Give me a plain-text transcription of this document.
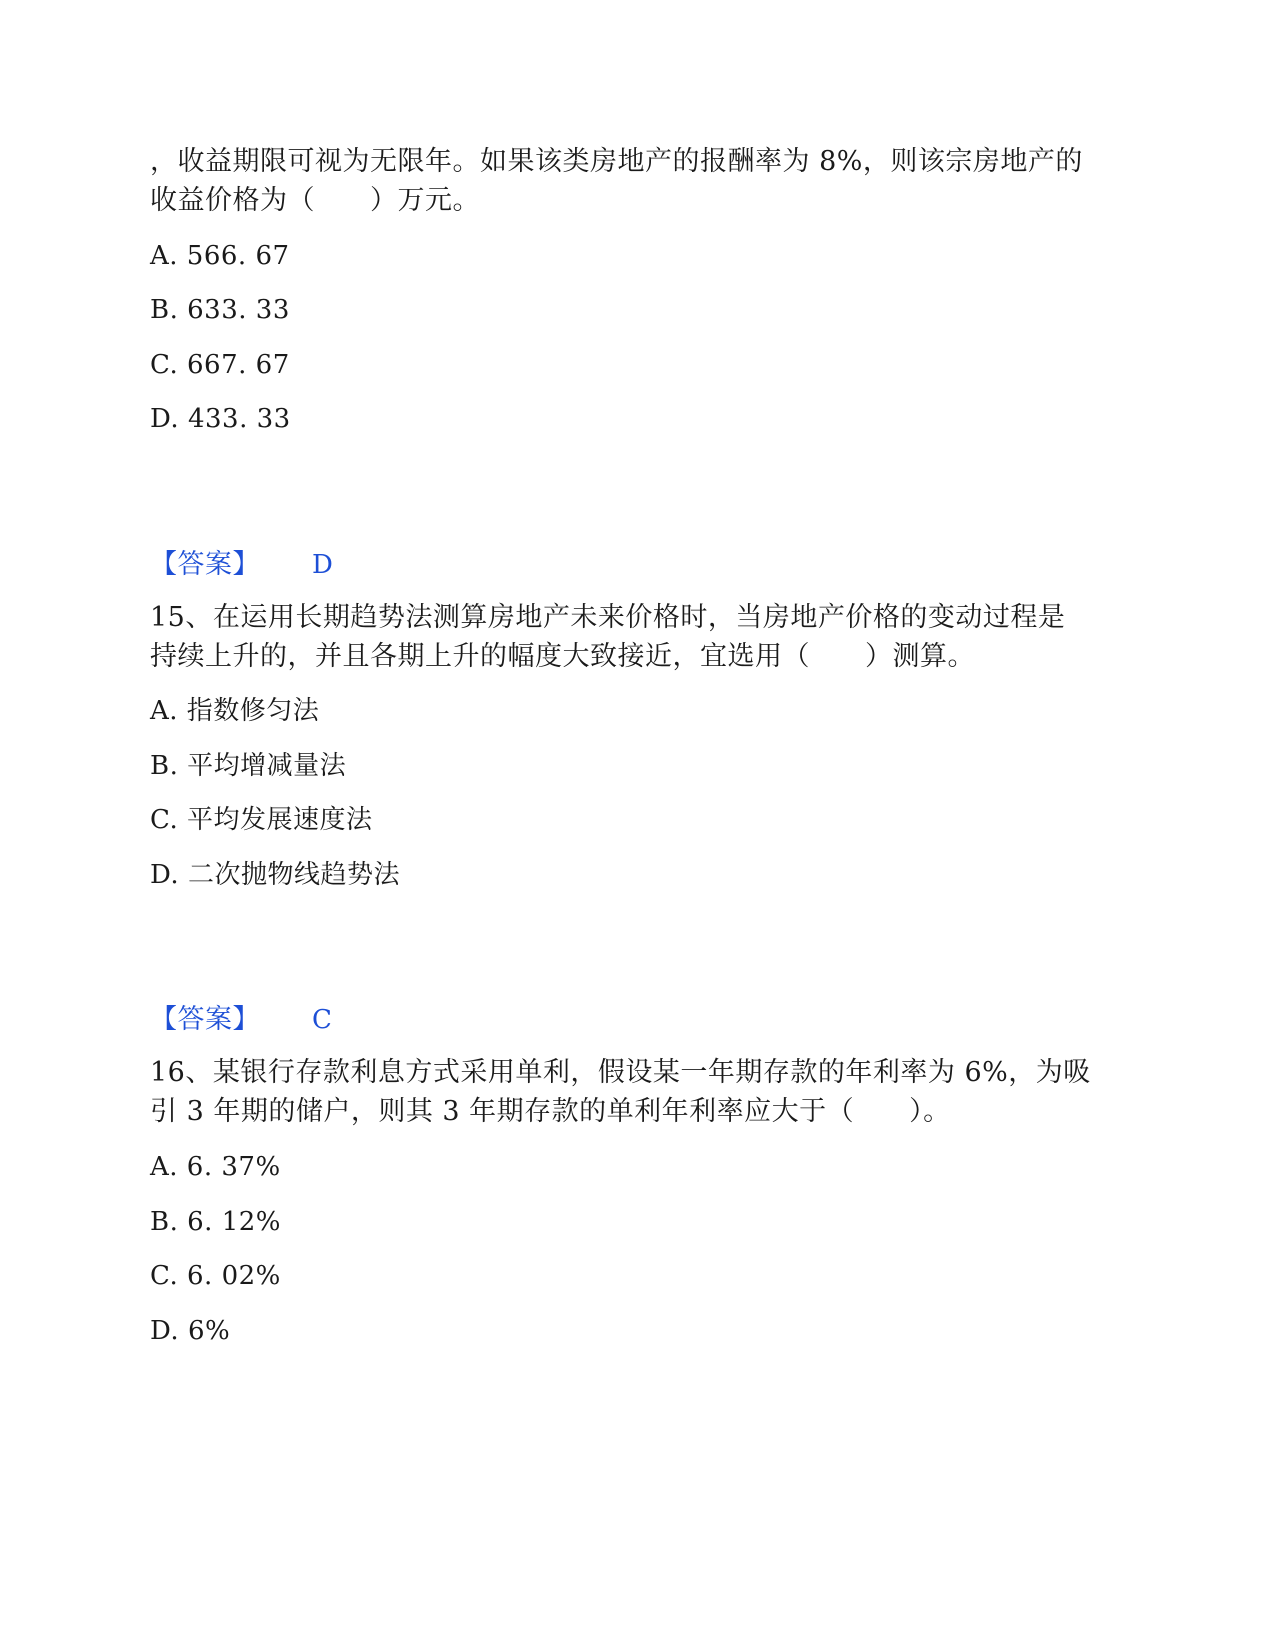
，收益期限可视为无限年。如果该类房地产的报酬率为 8%，则该宗房地产的
收益价格为（　　）万元。
A. 566. 67
B. 633. 33
C. 667. 67
D. 433. 33
【答案】 D
15、在运用长期趋势法测算房地产未来价格时，当房地产价格的变动过程是
持续上升的，并且各期上升的幅度大致接近，宜选用（　　）测算。
A. 指数修匀法
B. 平均增减量法
C. 平均发展速度法
D. 二次抛物线趋势法
【答案】 C
16、某银行存款利息方式采用单利，假设某一年期存款的年利率为 6%，为吸
引 3 年期的储户，则其 3 年期存款的单利年利率应大于（　　）。
A. 6. 37%
B. 6. 12%
C. 6. 02%
D. 6%
